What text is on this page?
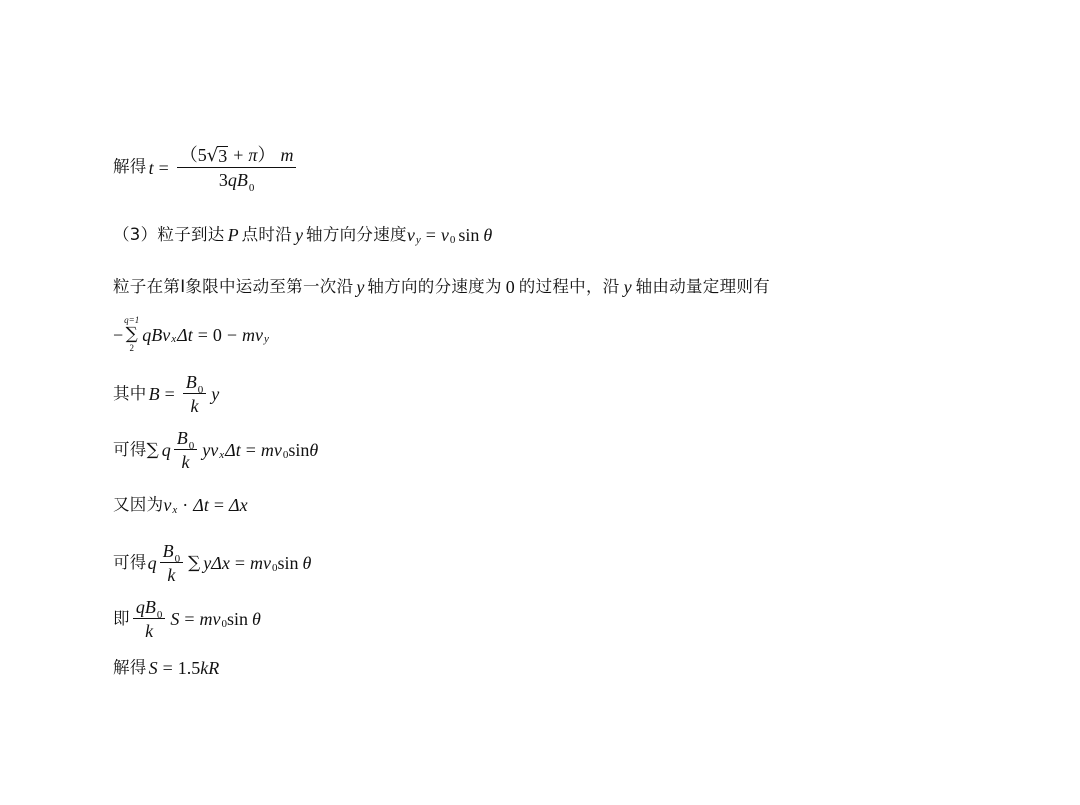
解得 t =
（5 √ 3 + π ） m
3 q B 0
（3）粒子到达 P 点时沿 y 轴方向分速度 v y = v 0 sin θ
粒子在第I象限中运动至第一次沿 y 轴方向的分速度为 0 的过程中，沿 y 轴由动量定理则有
−
q=1
∑
2
q B v x Δt = 0 − m v y
其中 $B = \frac{B 0}{k}$ y
可得 ∑ q $\frac{B 0}{k}$ y v x Δt = m v 0 sin θ
又因为 v x · Δt = Δx
可得 q $\frac{B 0}{k}$ ∑ y Δx = m v 0 sin θ
即 $\frac{\text{q B 0}}{k}$ S = m v 0 sin θ
解得 S = 1.5 k R
